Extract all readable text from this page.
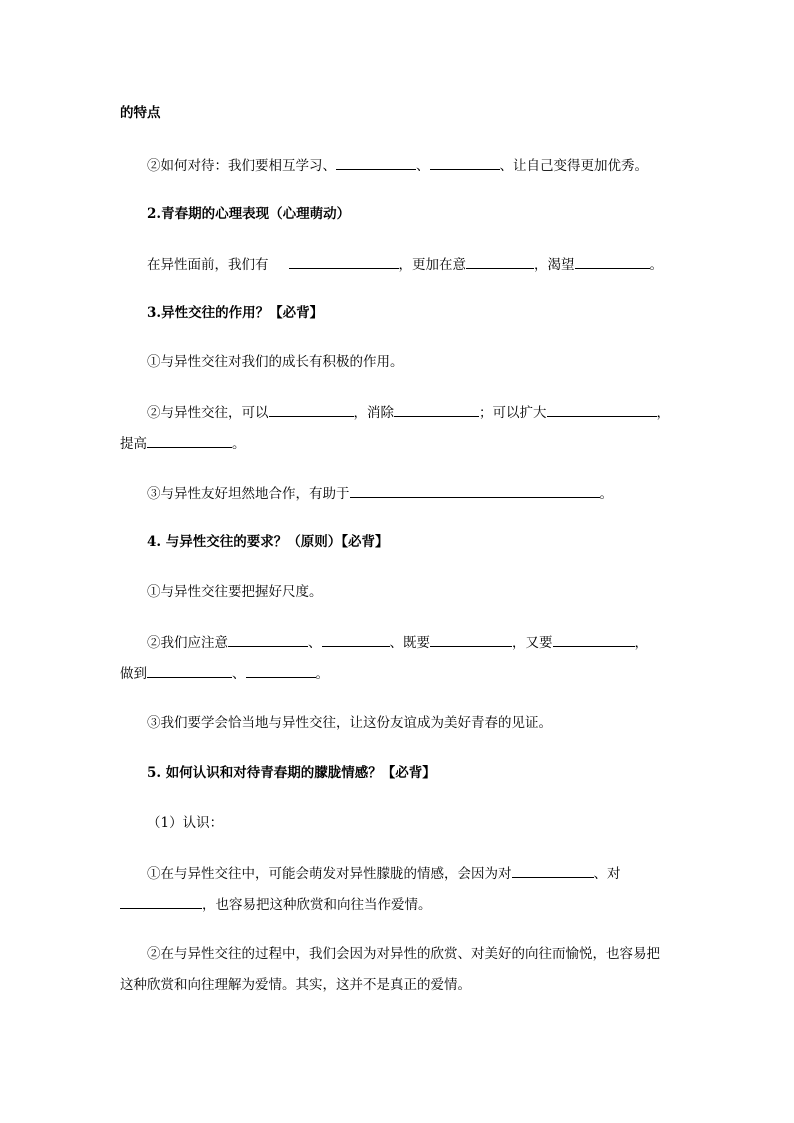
的特点
②如何对待：我们要相互学习、	、	、让自己变得更加优秀。
2.青春期的心理表现（心理萌动）
在异性面前，我们有	，更加在意	，渴望	。
3.异性交往的作用？【必背】
①与异性交往对我们的成长有积极的作用。
②与异性交往，可以	，消除	；可以扩大	，
提高	。
③与异性友好坦然地合作，有助于	。
4. 与异性交往的要求？（原则）【必背】
①与异性交往要把握好尺度。
②我们应注意	、	、既要	，又要	，
做到	、	。
③我们要学会恰当地与异性交往，让这份友谊成为美好青春的见证。
5. 如何认识和对待青春期的朦胧情感？【必背】
（1）认识：
①在与异性交往中，可能会萌发对异性朦胧的情感，会因为对	、对
，也容易把这种欣赏和向往当作爱情。
②在与异性交往的过程中，我们会因为对异性的欣赏、对美好的向往而愉悦，也容易把
这种欣赏和向往理解为爱情。其实，这并不是真正的爱情。
